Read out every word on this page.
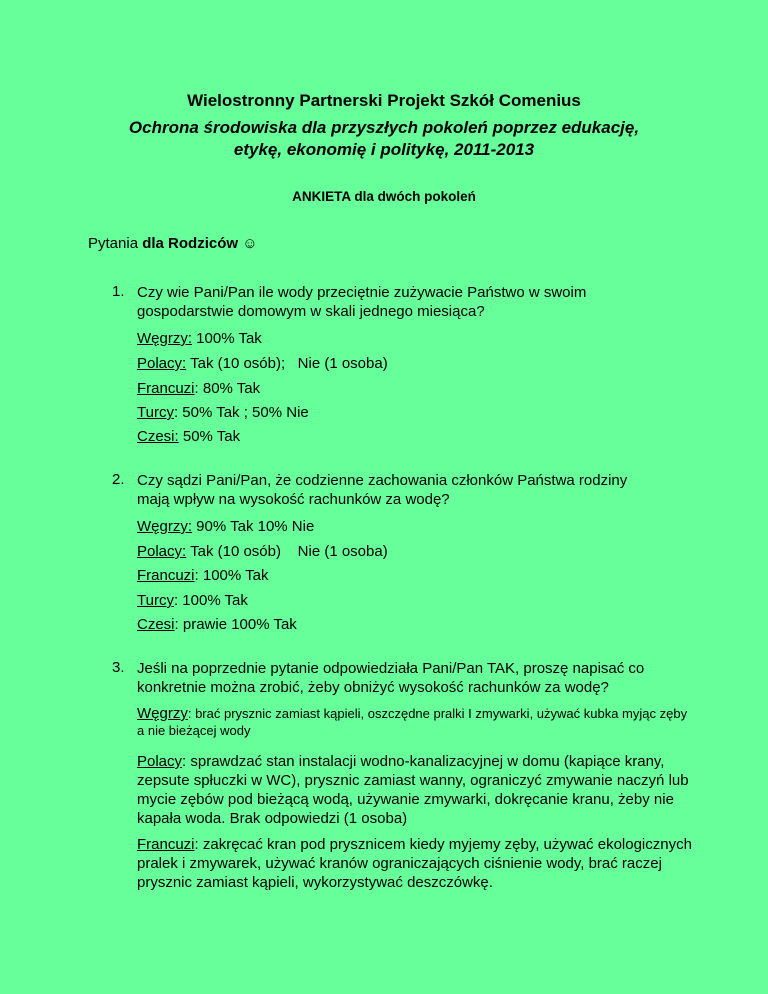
Wielostronny Partnerski Projekt Szkół Comenius
Ochrona środowiska dla przyszłych pokoleń poprzez edukację,
etykę, ekonomię i politykę, 2011-2013
ANKIETA dla dwóch pokoleń
Pytania dla Rodziców ☺
1. Czy wie Pani/Pan ile wody przeciętnie zużywacie Państwo w swoim
gospodarstwie domowym w skali jednego miesiąca?
Węgrzy: 100% Tak
Polacy: Tak (10 osób);   Nie (1 osoba)
Francuzi: 80% Tak
Turcy: 50% Tak ; 50% Nie
Czesi: 50% Tak
2. Czy sądzi Pani/Pan, że codzienne zachowania członków Państwa rodziny
mają wpływ na wysokość rachunków za wodę?
Węgrzy: 90% Tak 10% Nie
Polacy: Tak (10 osób)    Nie (1 osoba)
Francuzi: 100% Tak
Turcy: 100% Tak
Czesi: prawie 100% Tak
3. Jeśli na poprzednie pytanie odpowiedziała Pani/Pan TAK, proszę napisać co
konkretnie można zrobić, żeby obniżyć wysokość rachunków za wodę?
Węgrzy: brać prysznic zamiast kąpieli, oszczędne pralki I zmywarki, używać kubka myjąc zęby a nie bieżącej wody
Polacy: sprawdzać stan instalacji wodno-kanalizacyjnej w domu (kapiące krany, zepsute spłuczki w WC), prysznic zamiast wanny, ograniczyć zmywanie naczyń lub mycie zębów pod bieżącą wodą, używanie zmywarki, dokręcanie kranu, żeby nie kapała woda. Brak odpowiedzi (1 osoba)
Francuzi: zakręcać kran pod prysznicem kiedy myjemy zęby, używać ekologicznych pralek i zmywarek, używać kranów ograniczających ciśnienie wody, brać raczej prysznic zamiast kąpieli, wykorzystywać deszczówkę.
